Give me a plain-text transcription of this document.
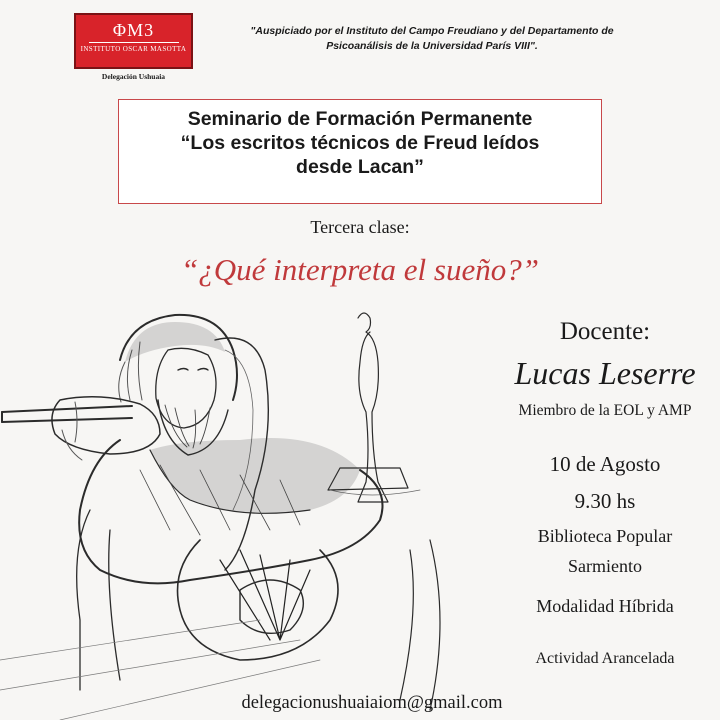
ΦM3
INSTITUTO OSCAR MASOTTA
Delegación Ushuaia
"Auspiciado por el Instituto del Campo Freudiano y del Departamento de
Psicoanálisis de la Universidad París VIII".
Seminario de Formación Permanente
“Los escritos técnicos de Freud leídos
desde Lacan”
Tercera clase:
“¿Qué interpreta el sueño?”
Docente:
Lucas Leserre
Miembro de la EOL y AMP
10 de Agosto
9.30 hs
Biblioteca Popular
Sarmiento
Modalidad Híbrida
Actividad Arancelada
delegacionushuaiaiom@gmail.com
